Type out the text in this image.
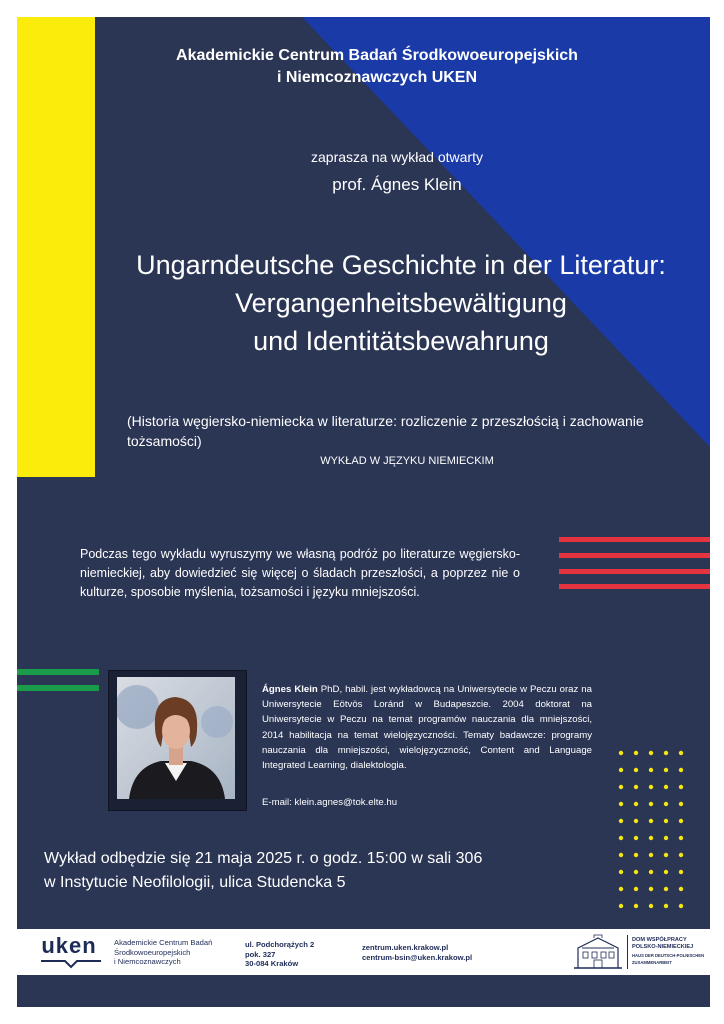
Akademickie Centrum Badań Środkowoeuropejskich
i Niemcoznawczych UKEN
zaprasza na wykład otwarty
prof. Ágnes Klein
Ungarndeutsche Geschichte in der Literatur:
Vergangenheitsbewältigung
und Identitätsbewahrung
(Historia węgiersko-niemiecka w literaturze: rozliczenie z przeszłością i zachowanie tożsamości)
WYKŁAD W JĘZYKU NIEMIECKIM
Podczas tego wykładu wyruszymy we własną podróż po literaturze węgiersko-niemieckiej, aby dowiedzieć się więcej o śladach przeszłości, a poprzez nie o kulturze, sposobie myślenia, tożsamości i języku mniejszości.
Ágnes Klein PhD, habil. jest wykładowcą na Uniwersytecie w Peczu oraz na Uniwersytecie Eötvös Loránd w Budapeszcie. 2004 doktorat na Uniwersytecie w Peczu na temat programów nauczania dla mniejszości, 2014 habilitacja na temat wielojęzyczności. Tematy badawcze: programy nauczania dla mniejszości, wielojęzyczność, Content and Language Integrated Learning, dialektologia.
E-mail: klein.agnes@tok.elte.hu
Wykład odbędzie się 21 maja 2025 r. o godz. 15:00 w sali 306
w Instytucie Neofilologii, ulica Studencka 5
uken	Akademickie Centrum Badań
Środkowoeuropejskich
i Niemcoznawczych
ul. Podchorążych 2
pok. 327
30-084 Kraków
zentrum.uken.krakow.pl
centrum-bsin@uken.krakow.pl
DOM WSPÓŁPRACY
POLSKO-NIEMIECKIEJ
HAUS DER DEUTSCH-POLNISCHEN
ZUSAMMENARBEIT
